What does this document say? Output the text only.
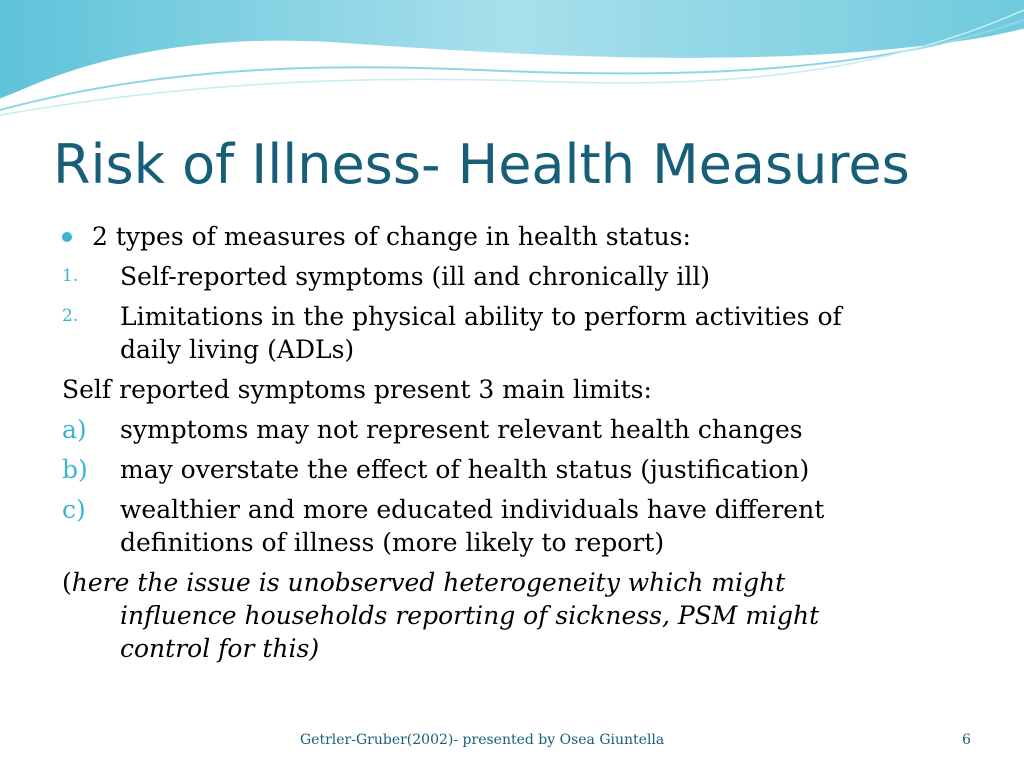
Risk of Illness- Health Measures
2 types of measures of change in health status:
1.	Self-reported symptoms (ill and chronically ill)
2.	Limitations in the physical ability to perform activities of
daily living (ADLs)
Self reported symptoms present 3 main limits:
a)	symptoms may not represent relevant health changes
b)	may overstate the effect of health status (justification)
c)	wealthier and more educated individuals have different
definitions of illness (more likely to report)
(here the issue is unobserved heterogeneity which might
influence households reporting of sickness, PSM might
control for this)
Getrler-Gruber(2002)- presented by Osea Giuntella	6
